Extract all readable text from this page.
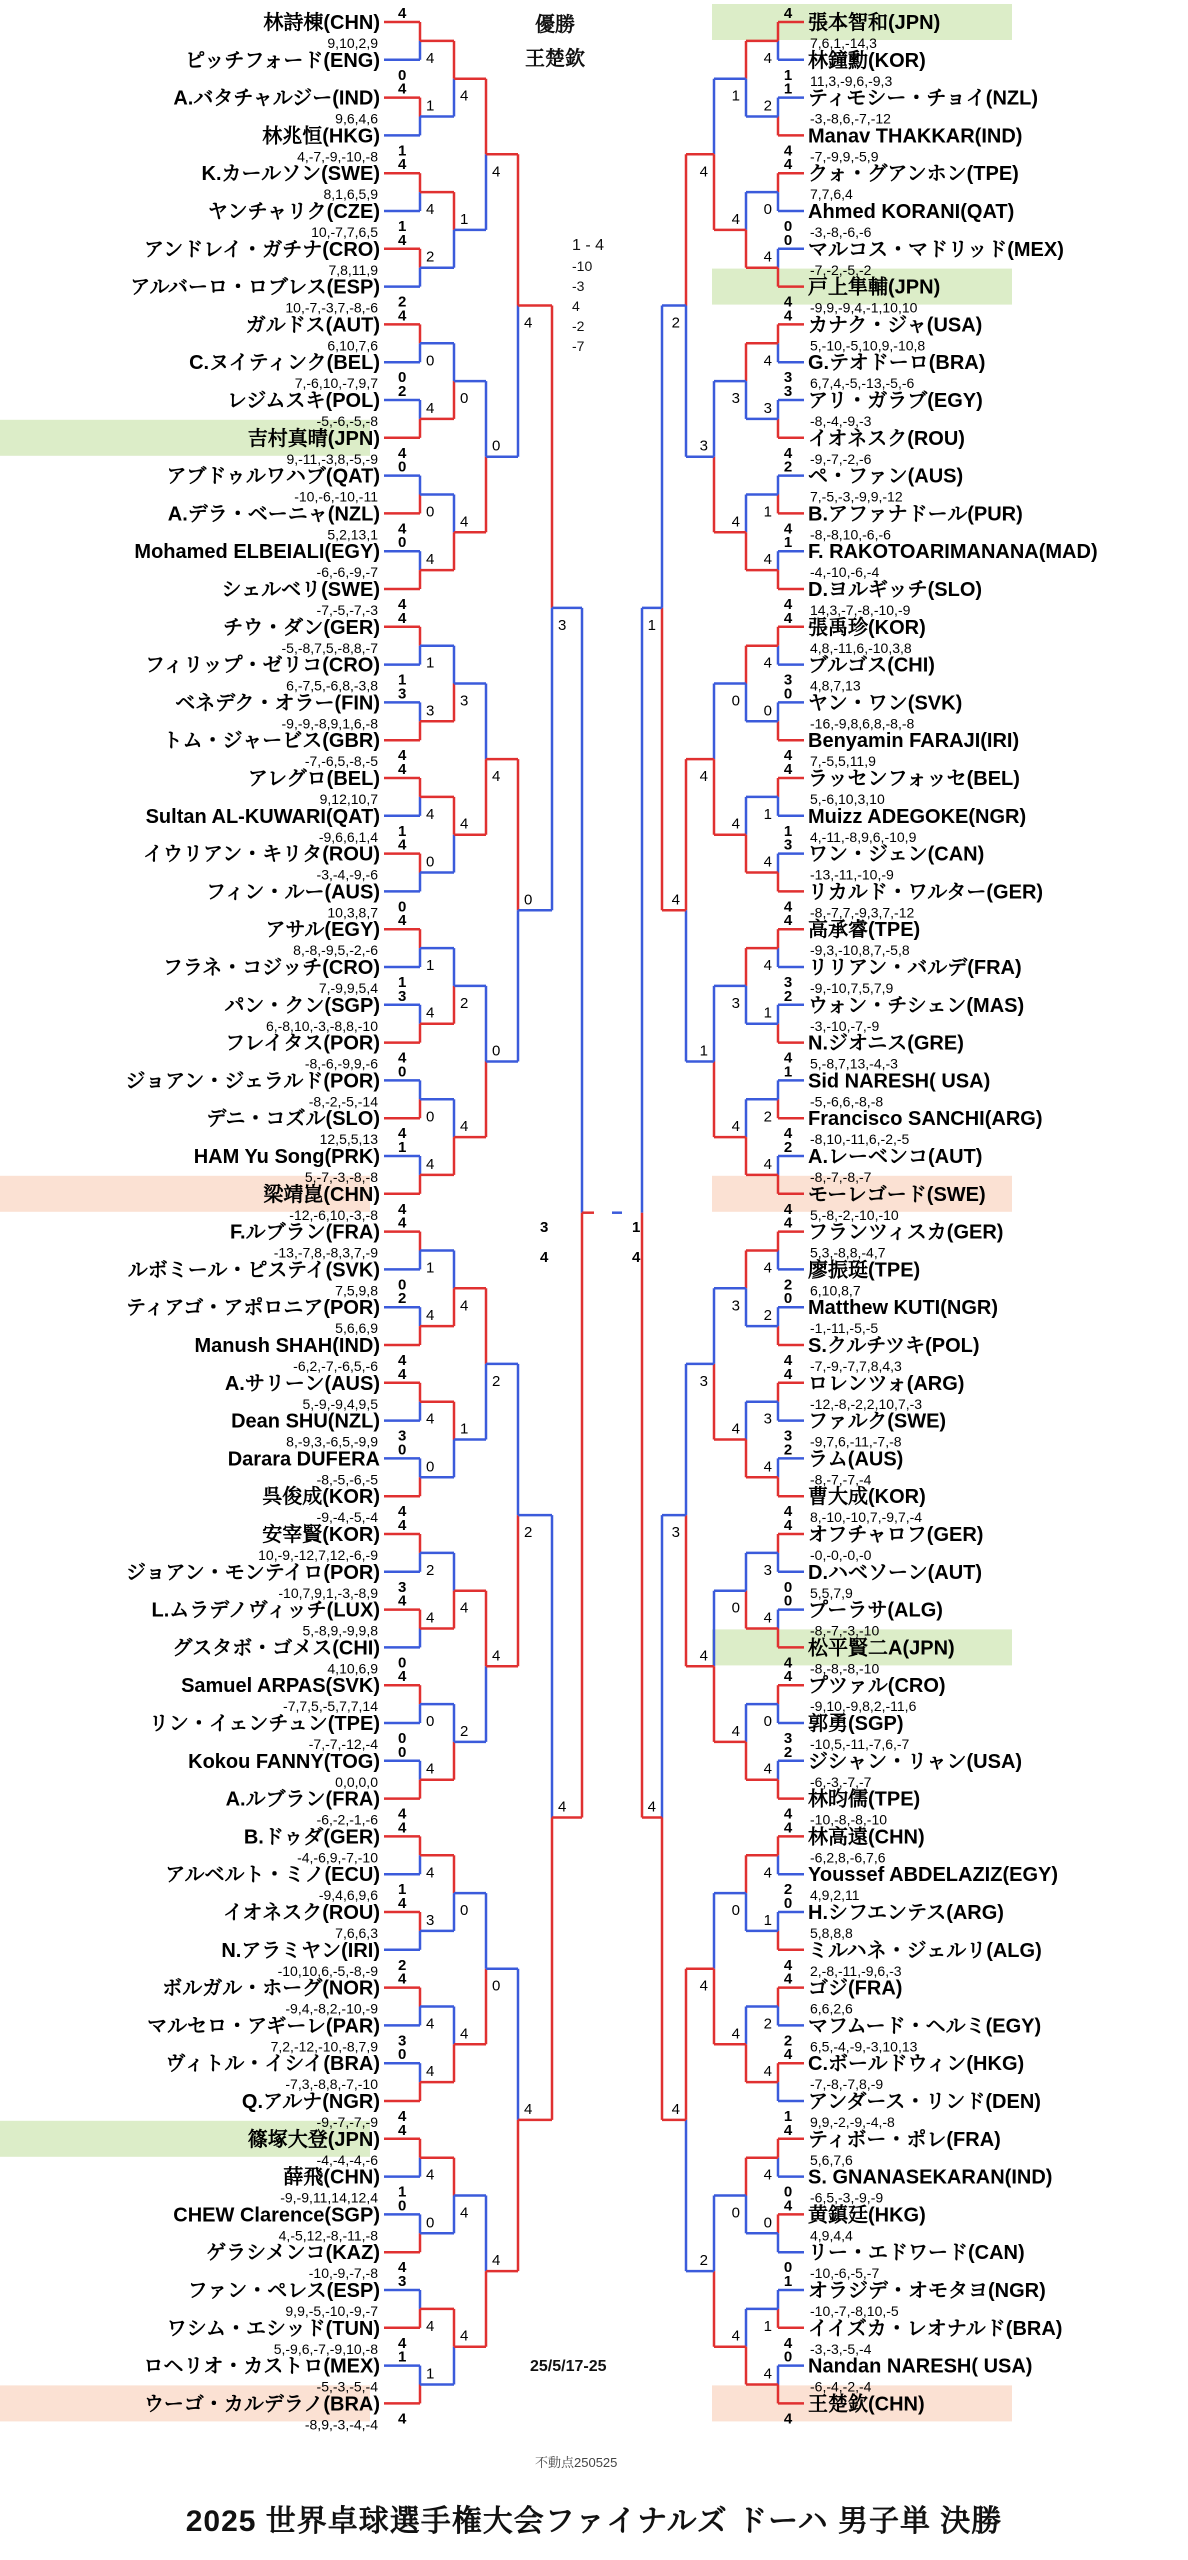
林詩棟(CHN)
9,10,2,9
ピッチフォード(ENG)
A.バタチャルジー(IND)
9,6,4,6
林兆恒(HKG)
4,-7,-9,-10,-8
K.カールソン(SWE)
8,1,6,5,9
ヤンチャリク(CZE)
10,-7,7,6,5
アンドレイ・ガチナ(CRO)
7,8,11,9
アルバーロ・ロブレス(ESP)
10,-7,-3,7,-8,-6
ガルドス(AUT)
6,10,7,6
C.ヌイティンク(BEL)
7,-6,10,-7,9,7
レジムスキ(POL)
-5,-6,-5,-8
吉村真晴(JPN)
9,-11,-3,8,-5,-9
アブドゥルワハブ(QAT)
-10,-6,-10,-11
A.デラ・ベーニャ(NZL)
5,2,13,1
Mohamed ELBEIALI(EGY)
-6,-6,-9,-7
シェルベリ(SWE)
-7,-5,-7,-3
チウ・ダン(GER)
-5,-8,7,5,-8,8,-7
フィリップ・ゼリコ(CRO)
6,-7,5,-6,8,-3,8
ベネデク・オラー(FIN)
-9,-9,-8,9,1,6,-8
トム・ジャービス(GBR)
-7,-6,5,-8,-5
アレグロ(BEL)
9,12,10,7
Sultan AL-KUWARI(QAT)
-9,6,6,1,4
イウリアン・キリタ(ROU)
-3,-4,-9,-6
フィン・ルー(AUS)
10,3,8,7
アサル(EGY)
8,-8,-9,5,-2,-6
フラネ・コジッチ(CRO)
7,-9,9,5,4
パン・クン(SGP)
6,-8,10,-3,-8,8,-10
フレイタス(POR)
-8,-6,-9,9,-6
ジョアン・ジェラルド(POR)
-8,-2,-5,-14
デニ・コズル(SLO)
12,5,5,13
HAM Yu Song(PRK)
5,-7,-3,-8,-8
梁靖崑(CHN)
-12,-6,10,-3,-8
F.ルブラン(FRA)
-13,-7,8,-8,3,7,-9
ルボミール・ピステイ(SVK)
7,5,9,8
ティアゴ・アポロニア(POR)
5,6,6,9
Manush SHAH(IND)
-6,2,-7,-6,5,-6
A.サリーン(AUS)
5,-9,-9,4,9,5
Dean SHU(NZL)
8,-9,3,-6,5,-9,9
Darara DUFERA
-8,-5,-6,-5
呉俊成(KOR)
-9,-4,-5,-4
安宰賢(KOR)
10,-9,-12,7,12,-6,-9
ジョアン・モンテイロ(POR)
-10,7,9,1,-3,-8,9
L.ムラデノヴィッチ(LUX)
5,-8,9,-9,9,8
グスタボ・ゴメス(CHI)
4,10,6,9
Samuel ARPAS(SVK)
-7,7,5,-5,7,7,14
リン・イェンチュン(TPE)
-7,-7,-12,-4
Kokou FANNY(TOG)
0,0,0,0
A.ルブラン(FRA)
-6,-2,-1,-6
B.ドゥダ(GER)
-4,-6,9,-7,-10
アルベルト・ミノ(ECU)
-9,4,6,9,6
イオネスク(ROU)
7,6,6,3
N.アラミヤン(IRI)
-10,10,6,-5,-8,-9
ボルガル・ホーグ(NOR)
-9,4,-8,2,-10,-9
マルセロ・アギーレ(PAR)
7,2,-12,-10,-8,7,9
ヴィトル・イシイ(BRA)
-7,3,-8,8,-7,-10
Q.アルナ(NGR)
-9,-7,-7,-9
篠塚大登(JPN)
-4,-4,-4,-6
薛飛(CHN)
-9,-9,11,14,12,4
CHEW Clarence(SGP)
4,-5,12,-8,-11,-8
ゲラシメンコ(KAZ)
-10,-9,-7,-8
ファン・ペレス(ESP)
9,9,-5,-10,-9,-7
ワシム・エシッド(TUN)
5,-9,6,-7,-9,10,-8
ロヘリオ・カストロ(MEX)
-5,-3,-5,-4
ウーゴ・カルデラノ(BRA)
-8,9,-3,-4,-4
4
0
4
1
4
1
4
2
4
0
2
4
0
4
0
4
4
1
3
4
4
1
4
0
4
1
3
4
0
4
1
4
4
0
2
4
4
3
0
4
4
3
4
0
4
0
0
4
4
1
4
2
4
3
0
4
4
1
0
4
3
4
1
4
4
1
4
2
0
4
0
4
1
3
4
0
1
4
0
4
1
4
4
0
2
4
0
4
4
3
4
4
4
0
4
1
4
1
0
4
3
4
2
4
4
1
4
2
0
4
4
4
4
0
4
0
2
4
0
4
4
0
2
4
3
4
張本智和(JPN)
7,6,1,-14,3
林鐘勳(KOR)
11,3,-9,6,-9,3
ティモシー・チョイ(NZL)
-3,-8,6,-7,-12
Manav THAKKAR(IND)
-7,-9,9,-5,9
クォ・グアンホン(TPE)
7,7,6,4
Ahmed KORANI(QAT)
-3,-8,-6,-6
マルコス・マドリッド(MEX)
-7,-2,-5,-2
戸上隼輔(JPN)
-9,9,-9,4,-1,10,10
カナク・ジャ(USA)
5,-10,-5,10,9,-10,8
G.テオドーロ(BRA)
6,7,4,-5,-13,-5,-6
アリ・ガラブ(EGY)
-8,-4,-9,-3
イオネスク(ROU)
-9,-7,-2,-6
ペ・ファン(AUS)
7,-5,-3,-9,9,-12
B.アファナドール(PUR)
-8,-8,10,-6,-6
F. RAKOTOARIMANANA(MAD)
-4,-10,-6,-4
D.ヨルギッチ(SLO)
14,3,-7,-8,-10,-9
張禹珍(KOR)
4,8,-11,6,-10,3,8
ブルゴス(CHI)
4,8,7,13
ヤン・ワン(SVK)
-16,-9,8,6,8,-8,-8
Benyamin FARAJI(IRI)
7,-5,5,11,9
ラッセンフォッセ(BEL)
5,-6,10,3,10
Muizz ADEGOKE(NGR)
4,-11,-8,9,6,-10,9
ワン・ジェン(CAN)
-13,-11,-10,-9
リカルド・ワルター(GER)
-8,-7,7,-9,3,7,-12
高承睿(TPE)
-9,3,-10,8,7,-5,8
リリアン・バルデ(FRA)
-9,-10,7,5,7,9
ウォン・チシェン(MAS)
-3,-10,-7,-9
N.ジオニス(GRE)
5,-8,7,13,-4,-3
Sid NARESH( USA)
-5,-6,6,-8,-8
Francisco SANCHI(ARG)
-8,10,-11,6,-2,-5
A.レーベンコ(AUT)
-8,-7,-8,-7
モーレゴード(SWE)
5,-8,-2,-10,-10
フランツィスカ(GER)
5,3,-8,8,-4,7
廖振珽(TPE)
6,10,8,7
Matthew KUTI(NGR)
-1,-11,-5,-5
S.クルチツキ(POL)
-7,-9,-7,7,8,4,3
ロレンツォ(ARG)
-12,-8,-2,2,10,7,-3
ファルク(SWE)
-9,7,6,-11,-7,-8
ラム(AUS)
-8,-7,-7,-4
曹大成(KOR)
8,-10,-10,7,-9,7,-4
オフチャロフ(GER)
-0,-0,-0,-0
D.ハベソーン(AUT)
5,5,7,9
プーラサ(ALG)
-8,-7,-3,-10
松平賢二A(JPN)
-8,-8,-8,-10
プツァル(CRO)
-9,10,-9,8,2,-11,6
郭勇(SGP)
-10,5,-11,-7,6,-7
ジシャン・リャン(USA)
-6,-3,-7,-7
林昀儒(TPE)
-10,-8,-8,-10
林高遠(CHN)
-6,2,8,-6,7,6
Youssef ABDELAZIZ(EGY)
4,9,2,11
H.シフエンテス(ARG)
5,8,8,8
ミルハネ・ジェルリ(ALG)
2,-8,-11,-9,6,-3
ゴジ(FRA)
6,6,2,6
マフムード・ヘルミ(EGY)
6,5,-4,-9,-3,10,13
C.ボールドウィン(HKG)
-7,-8,-7,8,-9
アンダース・リンド(DEN)
9,9,-2,-9,-4,-8
ティボー・ポレ(FRA)
5,6,7,6
S. GNANASEKARAN(IND)
-6,5,-3,-9,-9
黄鎮廷(HKG)
4,9,4,4
リー・エドワード(CAN)
-10,-6,-5,-7
オラジデ・オモタヨ(NGR)
-10,-7,-8,10,-5
イイズカ・レオナルド(BRA)
-3,-3,-5,-4
Nandan NARESH( USA)
-6,-4,-2,-4
王楚欽(CHN)
4
1
1
4
4
0
0
4
4
3
3
4
2
4
1
4
4
3
0
4
4
1
3
4
4
3
2
4
1
4
2
4
4
2
0
4
4
3
2
4
4
0
0
4
4
3
2
4
4
2
0
4
4
2
4
1
4
0
4
0
1
4
0
4
4
2
0
4
4
3
1
4
4
0
1
4
4
1
2
4
4
2
3
4
3
4
0
4
4
1
2
4
4
0
1
4
1
4
3
4
0
4
3
4
3
4
0
4
0
4
0
4
4
3
4
1
3
4
4
2
2
4
3
4
1
4
3
4
1
4
優勝
王楚欽
1 - 4
-10
-3
4
-2
-7
25/5/17-25
不動点250525
2025 世界卓球選手権大会ファイナルズ ドーハ 男子単 決勝
